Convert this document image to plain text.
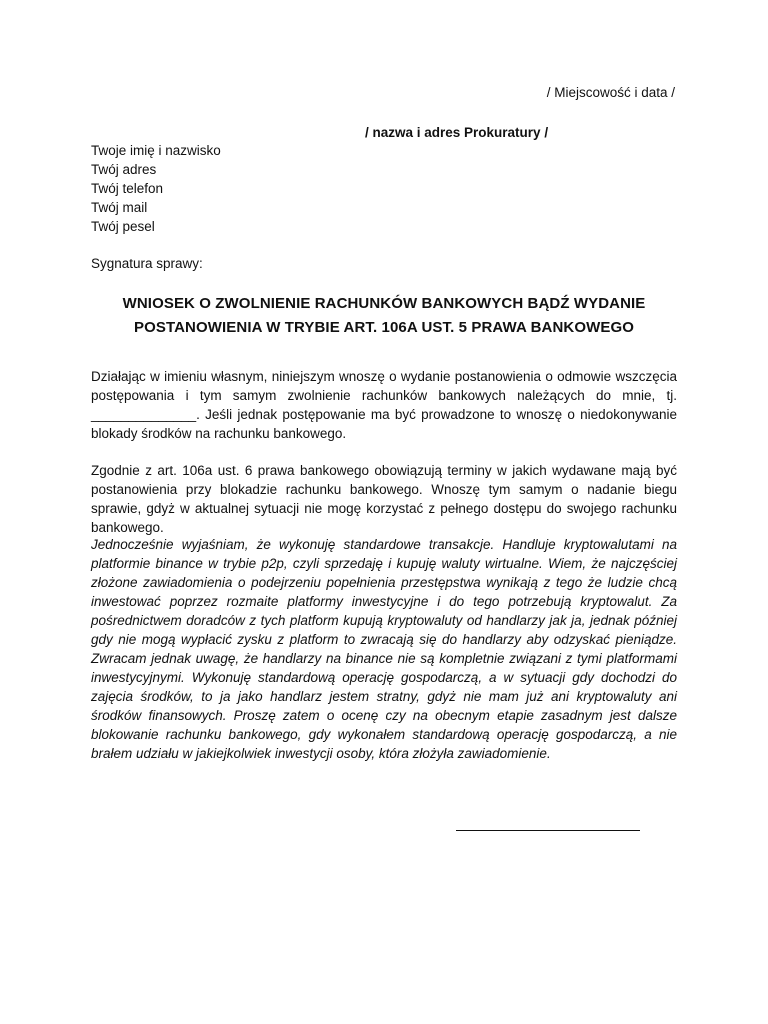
/ Miejscowość i data /
/ nazwa i adres Prokuratury /
Twoje imię i nazwisko
Twój adres
Twój telefon
Twój mail
Twój pesel
Sygnatura sprawy:
WNIOSEK O ZWOLNIENIE RACHUNKÓW BANKOWYCH BĄDŹ WYDANIE
POSTANOWIENIA W TRYBIE ART. 106A UST. 5 PRAWA BANKOWEGO
Działając w imieniu własnym, niniejszym wnoszę o wydanie postanowienia o odmowie wszczęcia postępowania i tym samym zwolnienie rachunków bankowych należących do mnie, tj. ______________. Jeśli jednak postępowanie ma być prowadzone to wnoszę o niedokonywanie blokady środków na rachunku bankowego.
Zgodnie z art. 106a ust. 6 prawa bankowego obowiązują terminy w jakich wydawane mają być postanowienia przy blokadzie rachunku bankowego. Wnoszę tym samym o nadanie biegu sprawie, gdyż w aktualnej sytuacji nie mogę korzystać z pełnego dostępu do swojego rachunku bankowego.
Jednocześnie wyjaśniam, że wykonuję standardowe transakcje. Handluje kryptowalutami na platformie binance w trybie p2p, czyli sprzedaję i kupuję waluty wirtualne. Wiem, że najczęściej złożone zawiadomienia o podejrzeniu popełnienia przestępstwa wynikają z tego że ludzie chcą inwestować poprzez rozmaite platformy inwestycyjne i do tego potrzebują kryptowalut. Za pośrednictwem doradców z tych platform kupują kryptowaluty od handlarzy jak ja, jednak później gdy nie mogą wypłacić zysku z platform to zwracają się do handlarzy aby odzyskać pieniądze. Zwracam jednak uwagę, że handlarzy na binance nie są kompletnie związani z tymi platformami inwestycyjnymi. Wykonuję standardową operację gospodarczą, a w sytuacji gdy dochodzi do zajęcia środków, to ja jako handlarz jestem stratny, gdyż nie mam już ani kryptowaluty ani środków finansowych. Proszę zatem o ocenę czy na obecnym etapie zasadnym jest dalsze blokowanie rachunku bankowego, gdy wykonałem standardową operację gospodarczą, a nie brałem udziału w jakiejkolwiek inwestycji osoby, która złożyła zawiadomienie.
